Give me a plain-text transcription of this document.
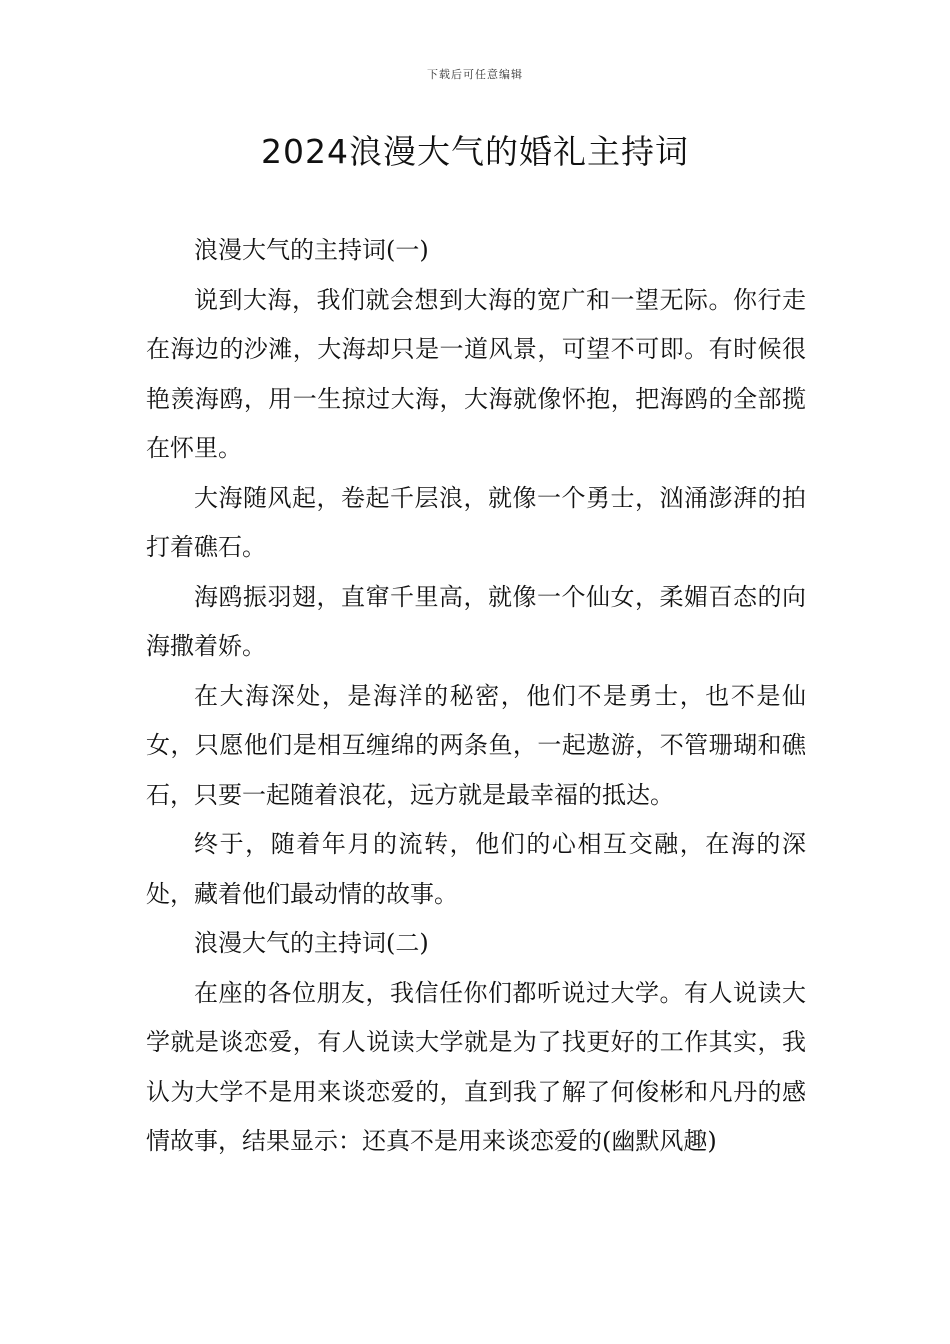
下载后可任意编辑
2024浪漫大气的婚礼主持词

浪漫大气的主持词(一)

说到大海，我们就会想到大海的宽广和一望无际。你行走在海边的沙滩，大海却只是一道风景，可望不可即。有时候很艳羡海鸥，用一生掠过大海，大海就像怀抱，把海鸥的全部揽在怀里。

大海随风起，卷起千层浪，就像一个勇士，汹涌澎湃的拍打着礁石。

海鸥振羽翅，直窜千里高，就像一个仙女，柔媚百态的向海撒着娇。

在大海深处，是海洋的秘密，他们不是勇士，也不是仙女，只愿他们是相互缠绵的两条鱼，一起遨游，不管珊瑚和礁石，只要一起随着浪花，远方就是最幸福的抵达。

终于，随着年月的流转，他们的心相互交融，在海的深处，藏着他们最动情的故事。

浪漫大气的主持词(二)

在座的各位朋友，我信任你们都听说过大学。有人说读大学就是谈恋爱，有人说读大学就是为了找更好的工作其实，我认为大学不是用来谈恋爱的，直到我了解了何俊彬和凡丹的感情故事，结果显示：还真不是用来谈恋爱的(幽默风趣)
